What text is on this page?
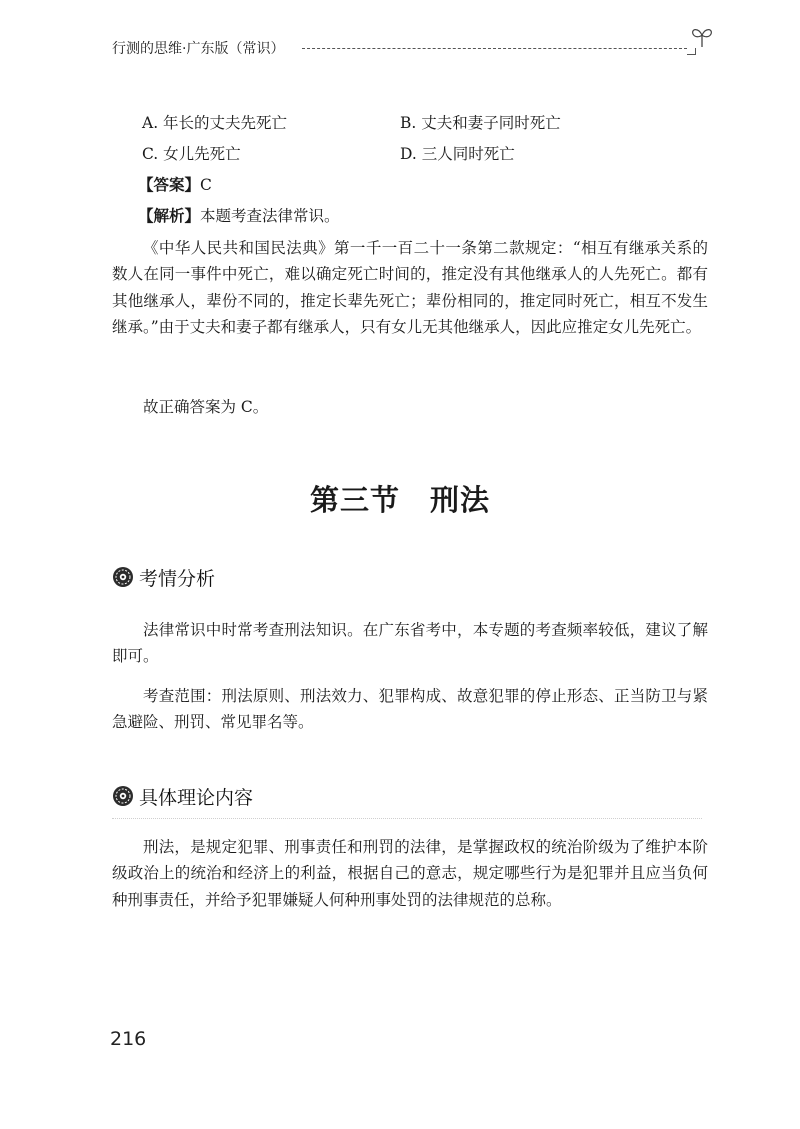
行测的思维·广东版（常识）
A. 年长的丈夫先死亡	B. 丈夫和妻子同时死亡
C. 女儿先死亡	D. 三人同时死亡
【答案】C
【解析】本题考查法律常识。
《中华人民共和国民法典》第一千一百二十一条第二款规定：“相互有继承关系的数人在同一事件中死亡，难以确定死亡时间的，推定没有其他继承人的人先死亡。都有其他继承人，辈份不同的，推定长辈先死亡；辈份相同的，推定同时死亡，相互不发生继承。”由于丈夫和妻子都有继承人，只有女儿无其他继承人，因此应推定女儿先死亡。
故正确答案为 C。
第三节 刑法
考情分析
法律常识中时常考查刑法知识。在广东省考中，本专题的考查频率较低，建议了解即可。
考查范围：刑法原则、刑法效力、犯罪构成、故意犯罪的停止形态、正当防卫与紧急避险、刑罚、常见罪名等。
具体理论内容
刑法，是规定犯罪、刑事责任和刑罚的法律，是掌握政权的统治阶级为了维护本阶级政治上的统治和经济上的利益，根据自己的意志，规定哪些行为是犯罪并且应当负何种刑事责任，并给予犯罪嫌疑人何种刑事处罚的法律规范的总称。
216
